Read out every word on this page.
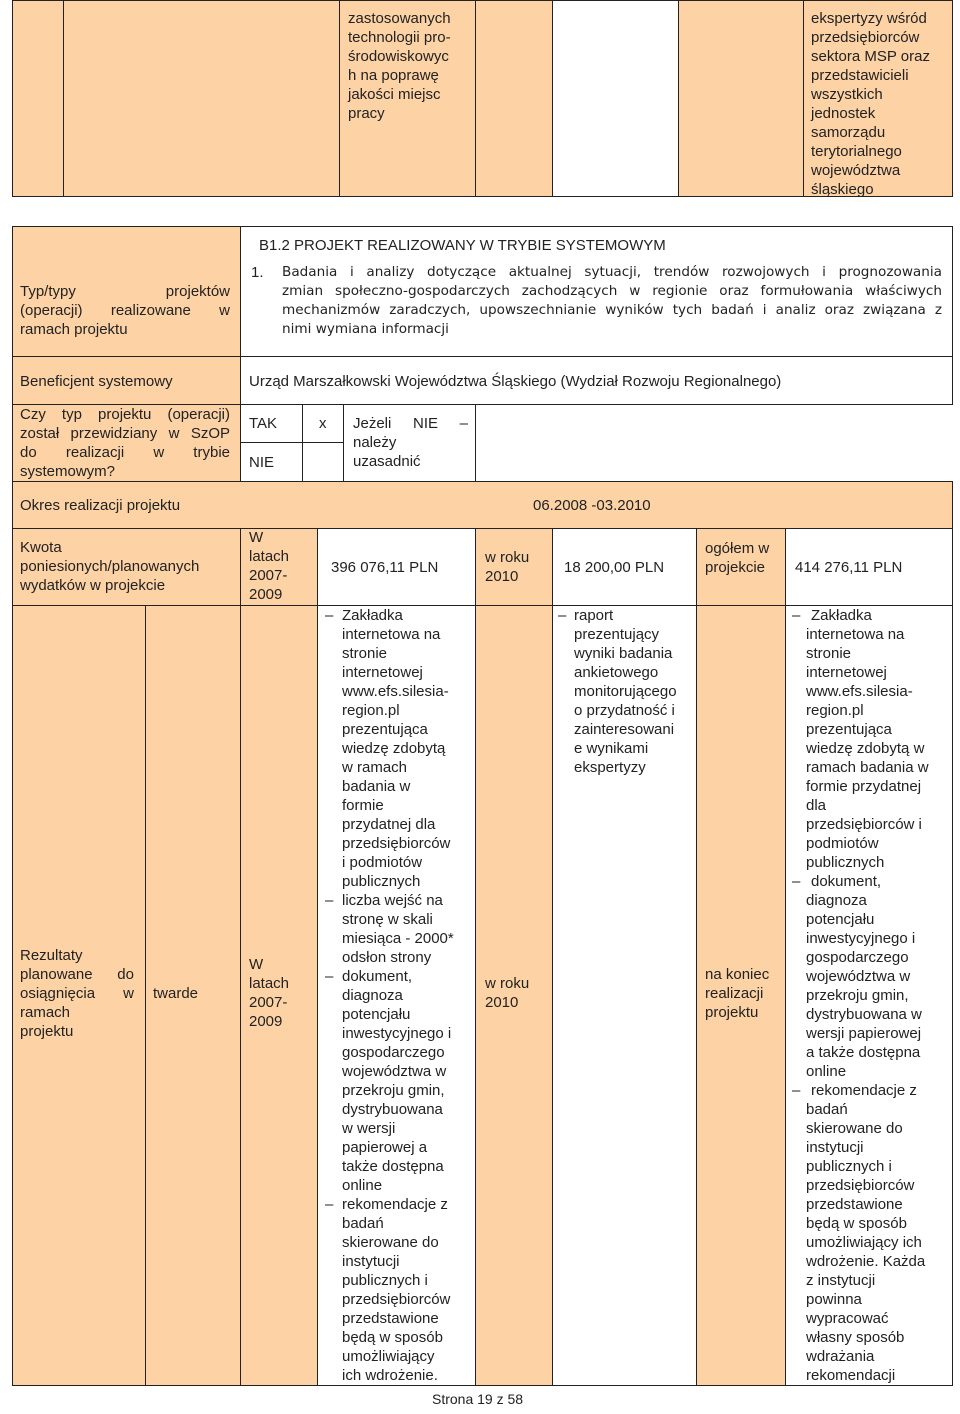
zastosowanych
technologii pro-
środowiskowyc
h na poprawę
jakości miejsc
pracy
ekspertyzy wśród
przedsiębiorców
sektora MSP oraz
przedstawicieli
wszystkich
jednostek
samorządu
terytorialnego
województwa
śląskiego
Typ/typy projektów
(operacji) realizowane w
ramach projektu
B1.2 PROJEKT REALIZOWANY W TRYBIE SYSTEMOWYM
1. Badania i analizy dotyczące aktualnej sytuacji, trendów rozwojowych i prognozowania
zmian społeczno-gospodarczych zachodzących w regionie oraz formułowania właściwych
mechanizmów zaradczych, upowszechnianie wyników tych badań i analiz oraz związana z
nimi wymiana informacji
Beneficjent systemowy	Urząd Marszałkowski Województwa Śląskiego (Wydział Rozwoju Regionalnego)
Czy typ projektu (operacji)
został przewidziany w SzOP
do realizacji w trybie
systemowym?
TAK
NIE
x Jeżeli NIE –
należy
uzasadnić
Okres realizacji projektu	06.2008 -03.2010
Kwota
poniesionych/planowanych
wydatków w projekcie
W
latach
2007-
2009
396 076,11 PLN
w roku
2010
18 200,00 PLN
ogółem w
projekcie 414 276,11 PLN
Rezultaty
planowane do
osiągnięcia w
ramach
projektu
twarde
W
latach
2007-
2009
w roku
2010
na koniec
realizacji
projektu
– Zakładka
internetowa na
stronie
internetowej
www.efs.silesia-
region.pl
prezentująca
wiedzę zdobytą
w ramach
badania w
formie
przydatnej dla
przedsiębiorców
i podmiotów
publicznych
– liczba wejść na
stronę w skali
miesiąca - 2000*
odsłon strony
– dokument,
diagnoza
potencjału
inwestycyjnego i
gospodarczego
województwa w
przekroju gmin,
dystrybuowana
w wersji
papierowej a
także dostępna
online
– rekomendacje z
badań
skierowane do
instytucji
publicznych i
przedsiębiorców
przedstawione
będą w sposób
umożliwiający
ich wdrożenie.
– raport
prezentujący
wyniki badania
ankietowego
monitorującego
o przydatność i
zainteresowani
e wynikami
ekspertyzy
– Zakładka
internetowa na
stronie
internetowej
www.efs.silesia-
region.pl
prezentująca
wiedzę zdobytą w
ramach badania w
formie przydatnej
dla
przedsiębiorców i
podmiotów
publicznych
– dokument,
diagnoza
potencjału
inwestycyjnego i
gospodarczego
województwa w
przekroju gmin,
dystrybuowana w
wersji papierowej
a także dostępna
online
– rekomendacje z
badań
skierowane do
instytucji
publicznych i
przedsiębiorców
przedstawione
będą w sposób
umożliwiający ich
wdrożenie. Każda
z instytucji
powinna
wypracować
własny sposób
wdrażania
rekomendacji
Strona 19 z 58
